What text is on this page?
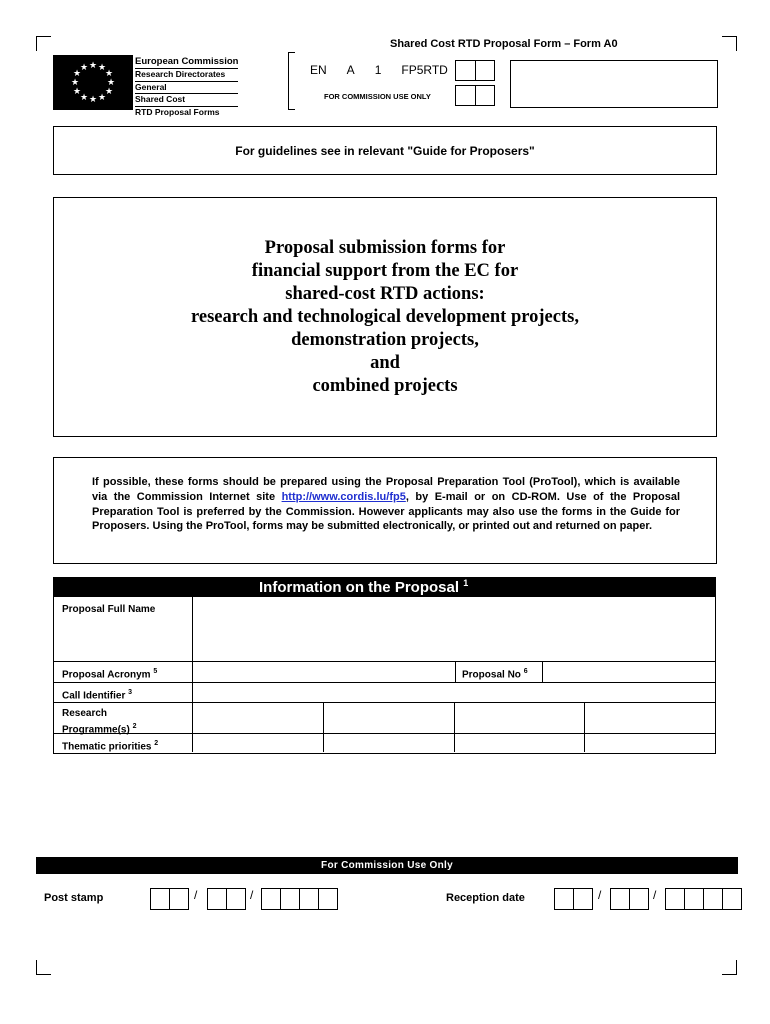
Shared Cost RTD Proposal Form – Form A0
★ ★
★
★
★
★
★
★
★
★
★
★
European Commission
Research Directorates
General
Shared Cost
RTD Proposal Forms
EN A 1 FP5RTD
FOR COMMISSION USE ONLY
For guidelines see in relevant "Guide for Proposers"
Proposal submission forms for
financial support from the EC for
shared-cost RTD actions:
research and technological development projects,
demonstration projects,
and
combined projects
If possible, these forms should be prepared using the Proposal Preparation Tool (ProTool), which is available via the Commission Internet site http://www.cordis.lu/fp5, by E-mail or on CD-ROM. Use of the Proposal Preparation Tool is preferred by the Commission. However applicants may also use the forms in the Guide for Proposers. Using the ProTool, forms may be submitted electronically, or printed out and returned on paper.
Information on the Proposal $^1$
Proposal Full Name
Proposal Acronym $^5$	Proposal No $^6$
Call Identifier $^3$
Research
Programme(s) $^2$
Thematic priorities $^2$
For Commission Use Only
Post stamp	/	/	Reception date	/	/
